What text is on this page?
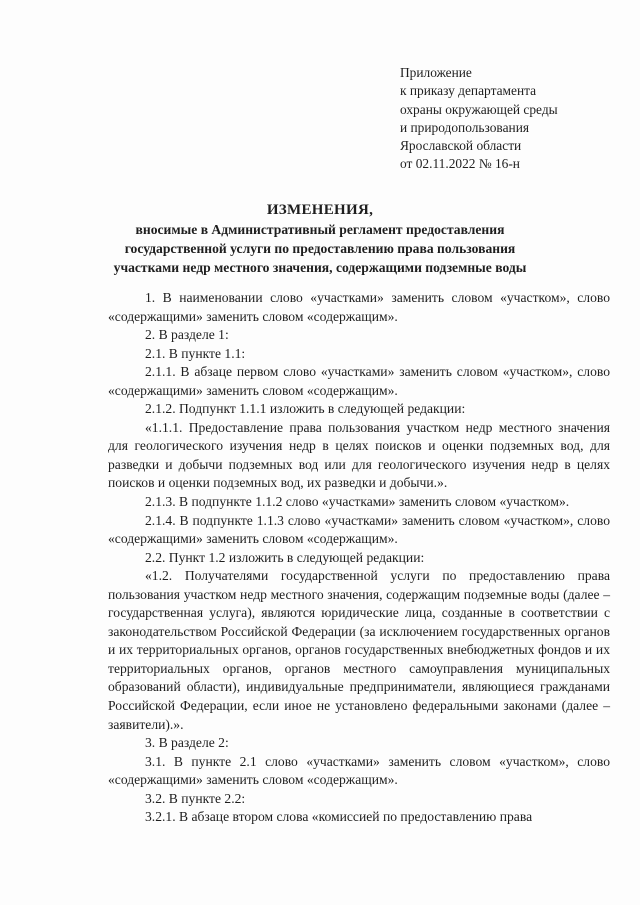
Приложение
к приказу департамента
охраны окружающей среды
и природопользования
Ярославской области
от 02.11.2022 № 16-н
ИЗМЕНЕНИЯ,
вносимые в Административный регламент предоставления
государственной услуги по предоставлению права пользования
участками недр местного значения, содержащими подземные воды

1. В наименовании слово «участками» заменить словом «участком», слово «содержащими» заменить словом «содержащим».

2. В разделе 1:

2.1. В пункте 1.1:

2.1.1. В абзаце первом слово «участками» заменить словом «участком», слово «содержащими» заменить словом «содержащим».

2.1.2. Подпункт 1.1.1 изложить в следующей редакции:

«1.1.1. Предоставление права пользования участком недр местного значения для геологического изучения недр в целях поисков и оценки подземных вод, для разведки и добычи подземных вод или для геологического изучения недр в целях поисков и оценки подземных вод, их разведки и добычи.».

2.1.3. В подпункте 1.1.2 слово «участками» заменить словом «участком».

2.1.4. В подпункте 1.1.3 слово «участками» заменить словом «участком», слово «содержащими» заменить словом «содержащим».

2.2. Пункт 1.2 изложить в следующей редакции:

«1.2. Получателями государственной услуги по предоставлению права пользования участком недр местного значения, содержащим подземные воды (далее – государственная услуга), являются юридические лица, созданные в соответствии с законодательством Российской Федерации (за исключением государственных органов и их территориальных органов, органов государственных внебюджетных фондов и их территориальных органов, органов местного самоуправления муниципальных образований области), индивидуальные предприниматели, являющиеся гражданами Российской Федерации, если иное не установлено федеральными законами (далее – заявители).».

3. В разделе 2:

3.1. В пункте 2.1 слово «участками» заменить словом «участком», слово «содержащими» заменить словом «содержащим».

3.2. В пункте 2.2:

3.2.1. В абзаце втором слова «комиссией по предоставлению права
